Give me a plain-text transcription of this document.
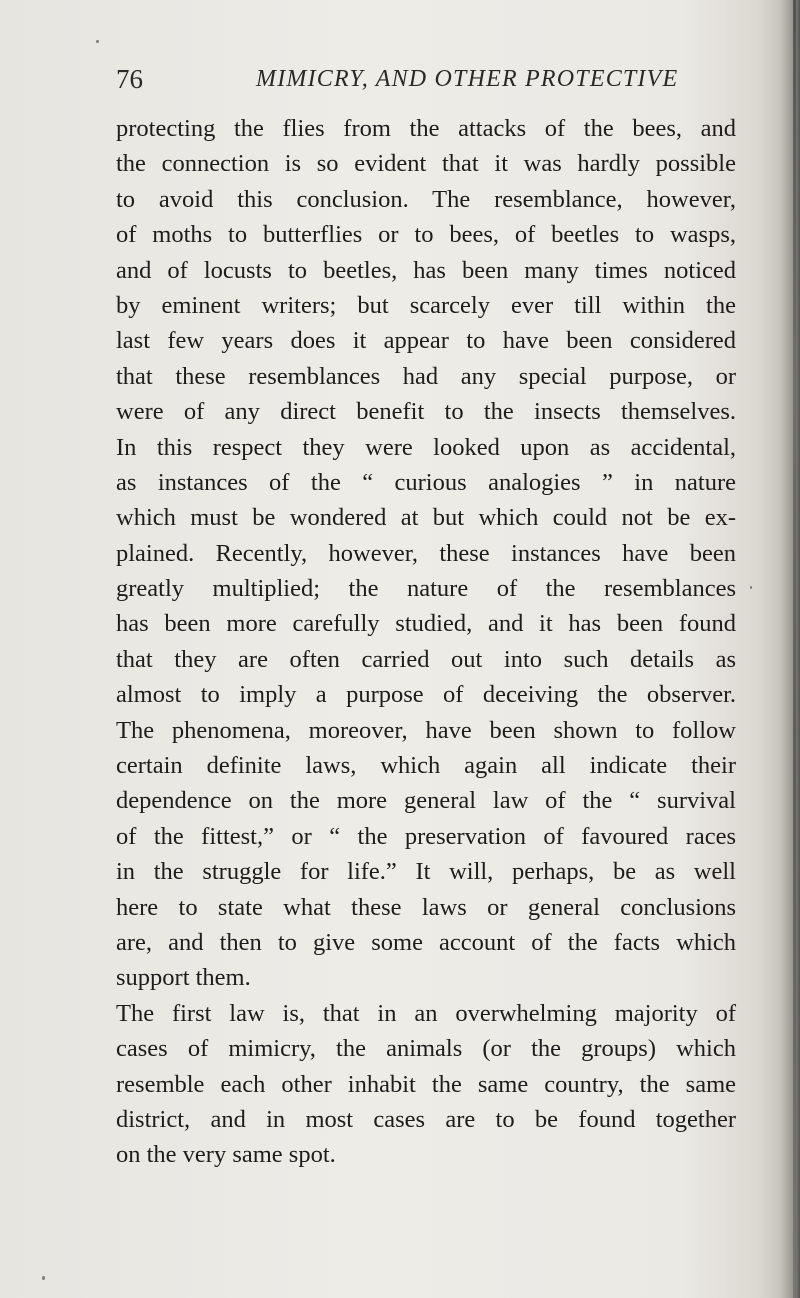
76	MIMICRY, AND OTHER PROTECTIVE
protecting the flies from the attacks of the bees, and
the connection is so evident that it was hardly possible
to avoid this conclusion. The resemblance, however,
of moths to butterflies or to bees, of beetles to wasps,
and of locusts to beetles, has been many times noticed
by eminent writers; but scarcely ever till within the
last few years does it appear to have been considered
that these resemblances had any special purpose, or
were of any direct benefit to the insects themselves.
In this respect they were looked upon as accidental,
as instances of the “ curious analogies ” in nature
which must be wondered at but which could not be ex-
plained. Recently, however, these instances have been
greatly multiplied; the nature of the resemblances
has been more carefully studied, and it has been found
that they are often carried out into such details as
almost to imply a purpose of deceiving the observer.
The phenomena, moreover, have been shown to follow
certain definite laws, which again all indicate their
dependence on the more general law of the “ survival
of the fittest,” or “ the preservation of favoured races
in the struggle for life.” It will, perhaps, be as well
here to state what these laws or general conclusions
are, and then to give some account of the facts which
support them.
The first law is, that in an overwhelming majority of
cases of mimicry, the animals (or the groups) which
resemble each other inhabit the same country, the same
district, and in most cases are to be found together
on the very same spot.
